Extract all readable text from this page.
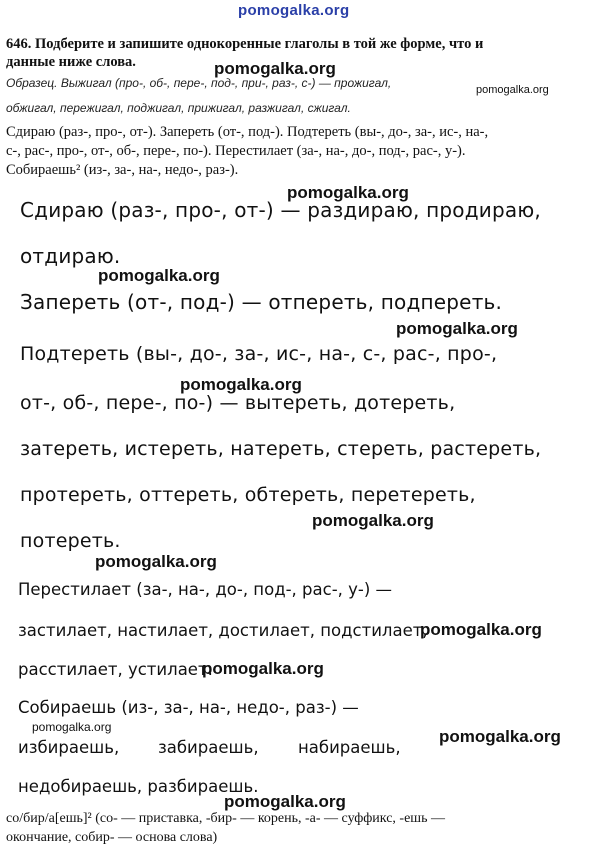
pomogalka.org
646. Подберите и запишите однокоренные глаголы в той же форме, что и
данные ниже слова.
Образец. Выжигал (про-, об-, пере-, под-, при-, раз-, с-) — прожигал,
обжигал, пережигал, поджигал, прижигал, разжигал, сжигал.
Сдираю (раз-, про-, от-). Запереть (от-, под-). Подтереть (вы-, до-, за-, ис-, на-,
с-, рас-, про-, от-, об-, пере-, по-). Перестилает (за-, на-, до-, под-, рас-, у-).
Собираешь² (из-, за-, на-, недо-, раз-).
Сдираю (раз-, про-, от-) — раздираю, продираю,
отдираю.
Запереть (от-, под-) — отпереть, подпереть.
Подтереть (вы-, до-, за-, ис-, на-, с-, рас-, про-,
от-, об-, пере-, по-) — вытереть, дотереть,
затереть, истереть, натереть, стереть, растереть,
протереть, оттереть, обтереть, перетереть,
потереть.
Перестилает (за-, на-, до-, под-, рас-, у-) —
застилает, настилает, достилает, подстилает,
расстилает, устилает.
Собираешь (из-, за-, на-, недо-, раз-) —
избираешь, забираешь, набираешь,
недобираешь, разбираешь.
со/бир/а[ешь]² (со- — приставка, -бир- — корень, -а- — суффикс, -ешь —
окончание, собир- — основа слова)
pomogalka.org
pomogalka.org
pomogalka.org
pomogalka.org
pomogalka.org
pomogalka.org
pomogalka.org
pomogalka.org
pomogalka.org
pomogalka.org
pomogalka.org	pomogalka.org
pomogalka.org
